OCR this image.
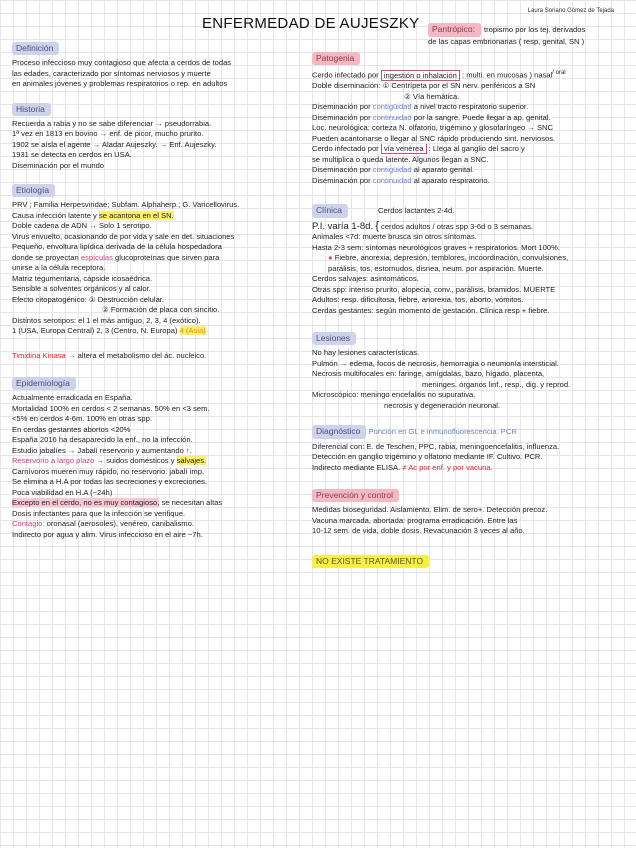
Laura Soriano Gómez de Tejada
ENFERMEDAD DE AUJESZKY	Pantrópico: tropismo por los tej. derivados
de las capas embrionarias ( resp, genital, SN )
Definición
Proceso infeccioso muy contagioso que afecta a cerdos de todas
las edades, caracterizado por síntomas nerviosos y muerte
en animales jóvenes y problemas respiratorios o rep. en adultos
Historia
Recuerda a rabia y no se sabe diferenciar → pseudorrabia.
1ª vez en 1813 en bovino → enf. de picor, mucho prurito.
1902 se aísla el agente → Aladar Aujeszky. → Enf. Aujeszky.
1931 se detecta en cerdos en USA.
Diseminación por el mundo
Etiología
PRV ; Familia Herpesviridae; Subfam. Alphaherp.; G. Varicellovirus.
Causa infección latente y se acantona en el SN.
Doble cadena de ADN → Solo 1 serotipo.
Virus envuelto, ocasionando de por vida y sale en det. situaciones
Pequeño, envoltura lipídica derivada de la célula hospedadora
donde se proyectan espículas glucoproteínas que sirven para
unirse a la célula receptora.
Matriz tegumentaria, cápside icosaédrica.
Sensible a solventes orgánicos y al calor.
Efecto citopatogénico: ① Destrucción celular.
② Formación de placa con sincitio.
Distintos serotipos: el 1 el más antiguo, 2, 3, 4 (exótico).
1 (USA, Europa Central) 2, 3 (Centro, N. Europa) 4 (Asia)
Timidina Kinasa → altera el metabolismo del ác. nucleico.
Epidemiología
Actualmente erradicada en España.
Mortalidad 100% en cerdos < 2 semanas. 50% en <3 sem.
<5% en cerdos 4-6m. 100% en otras spp.
En cerdas gestantes abortos <20%
España 2016 ha desaparecido la enf., no la infección.
Estudio jabalíes → Jabalí reservorio y aumentando ↑.
Reservorio a largo plazo → suidos domésticos y salvajes.
Carnívoros mueren muy rápido, no reservorio. jabalí imp.
Se elimina a H.A por todas las secreciones y excreciones.
Poca viabilidad en H.A (~24h)
Excepto en el cerdo, no es muy contagioso, se necesitan altas
Dosis infectantes para que la infección se verifique.
Contagio: oronasal (aerosoles), venéreo, canibalismo.
Indirecto por agua y alim. Virus infeccioso en el aire ~7h.
Patogenia
Cerdo infectado por ingestión o inhalación : multi. en mucosas ) nasal$^{/ oral}$
Doble diseminación: ① Centrípeta por el SN nerv. periféricos a SN
② Vía hemática.
Diseminación por contigüidad a nivel tracto respiratorio superior.
Diseminación por continuidad por la sangre. Puede llegar a ap. genital.
Loc. neurológica: corteza N. olfatorio, trigémino y glosofaríngeo → SNC
Pueden acantonarse o llegar al SNC rápido produciendo sint. nerviosos.
Cerdo infectado por vía venérea : Llega al ganglio del sacro y
se multiplica o queda latente. Algunos llegan a SNC.
Diseminación por contigüidad al aparato genital.
Diseminación por continuidad al aparato respiratorio.
Clínica	Cerdos lactantes 2-4d.
P.I. varía 1-8d. { cerdos adultos / otras spp 3-6d o 3 semanas.
Animales <7d: muerte brusca sin otros síntomas.
Hasta 2-3 sem: síntomas neurológicos graves + respiratorios. Mort 100%.
● Fiebre, anorexia, depresión, temblores, incoordinación, convulsiones,
parálisis, tos, estornudos, disnea, neum. por aspiración. Muerte.
Cerdos salvajes: asintomáticos.
Otras spp: intenso prurito, alopecia, conv., parálisis, bramidos. MUERTE
Adultos: resp. dificultosa, fiebre, anorexia, tos, aborto, vómitos.
Cerdas gestantes: según momento de gestación. Clínica resp + fiebre.
Lesiones
No hay lesiones características.
Pulmón → edema, focos de necrosis, hemorragia o neumonía intersticial.
Necrosis multifocales en: faringe, amígdalas, bazo, hígado, placenta,
meninges. órganos linf., resp., dig. y reprod.
Microscópico: meningo encefalitis no supurativa.
necrosis y degeneración neuronal.
Diagnóstico Punción en GL e inmunofluorescencia. PCR
Diferencial con: E. de Teschen, PPC, rabia, meningoencefalitis, influenza.
Detección en ganglio trigémino y olfatorio mediante IF. Cultivo. PCR.
Indirecto mediante ELISA. ≠ Ac por enf. y por vacuna.
Prevención y control
Medidas bioseguridad. Aislamiento. Elim. de sero+. Detección precoz.
Vacuna marcada, abortada: programa erradicación. Entre las
10-12 sem. de vida, doble dosis. Revacunación 3 veces al año.
NO EXISTE TRATAMIENTO
